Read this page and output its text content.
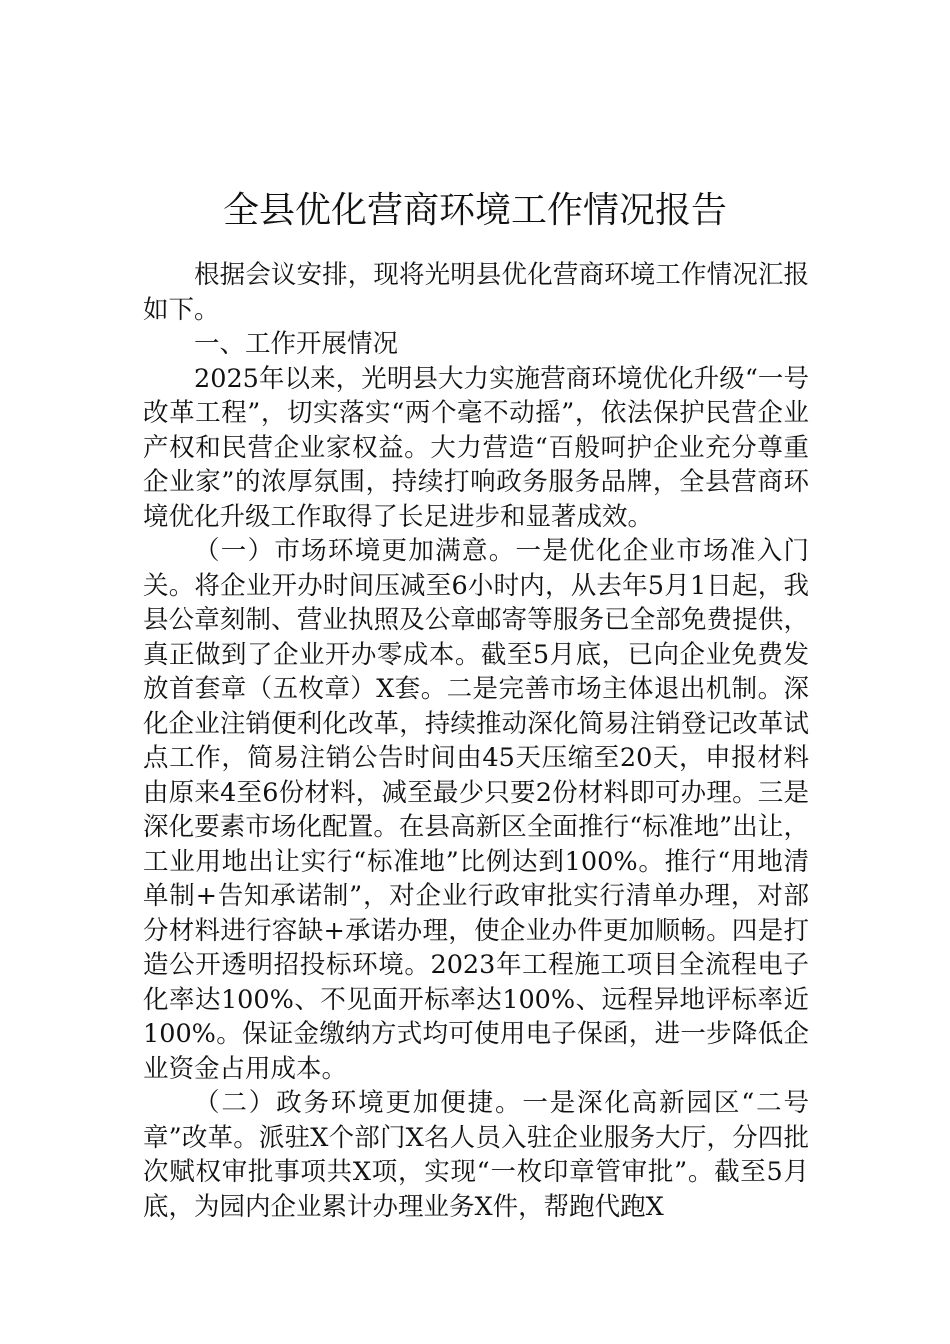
全县优化营商环境工作情况报告

根据会议安排，现将光明县优化营商环境工作情况汇报如下。

一、工作开展情况

2025年以来，光明县大力实施营商环境优化升级“一号改革工程”，切实落实“两个毫不动摇”，依法保护民营企业产权和民营企业家权益。大力营造“百般呵护企业充分尊重企业家”的浓厚氛围，持续打响政务服务品牌，全县营商环境优化升级工作取得了长足进步和显著成效。

（一）市场环境更加满意。一是优化企业市场准入门关。将企业开办时间压减至6小时内，从去年5月1日起，我县公章刻制、营业执照及公章邮寄等服务已全部免费提供，真正做到了企业开办零成本。截至5月底，已向企业免费发放首套章（五枚章）X套。二是完善市场主体退出机制。深化企业注销便利化改革，持续推动深化简易注销登记改革试点工作，简易注销公告时间由45天压缩至20天，申报材料由原来4至6份材料，减至最少只要2份材料即可办理。三是深化要素市场化配置。在县高新区全面推行“标准地”出让，工业用地出让实行“标准地”比例达到100%。推行“用地清单制+告知承诺制”，对企业行政审批实行清单办理，对部分材料进行容缺+承诺办理，使企业办件更加顺畅。四是打造公开透明招投标环境。2023年工程施工项目全流程电子化率达100%、不见面开标率达100%、远程异地评标率近100%。保证金缴纳方式均可使用电子保函，进一步降低企业资金占用成本。

（二）政务环境更加便捷。一是深化高新园区“二号章”改革。派驻X个部门X名人员入驻企业服务大厅，分四批次赋权审批事项共X项，实现“一枚印章管审批”。截至5月底，为园内企业累计办理业务X件，帮跑代跑X
